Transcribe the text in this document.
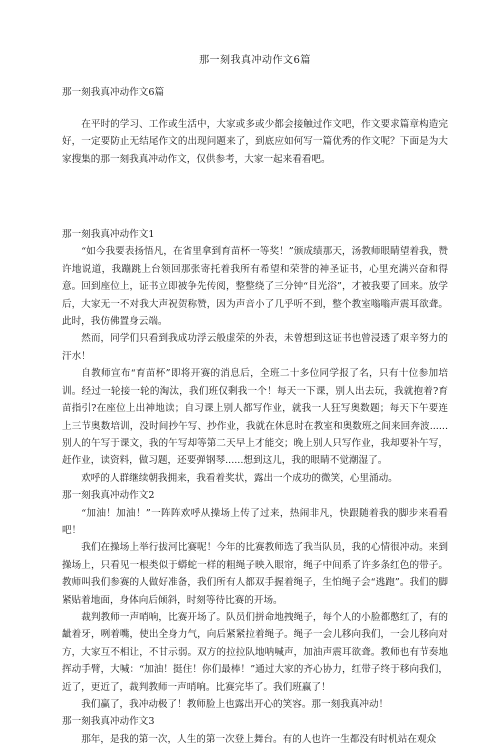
那一刻我真冲动作文6篇
那一刻我真冲动作文6篇

在平时的学习、工作或生活中，大家或多或少都会接触过作文吧，作文要求篇章构造完好，一定要防止无结尾作文的出现问题来了，到底应如何写一篇优秀的作文呢？下面是为大家搜集的那一刻我真冲动作文，仅供参考，大家一起来看看吧。

那一刻我真冲动作文1

“如今我要表扬悟凡，在省里拿到育苗杯一等奖！”颁成绩那天，汤教师眼睛望着我，赞许地说道，我蹦跳上台领回那张寄托着我所有希望和荣誉的神圣证书，心里充满兴奋和得意。回到座位上，证书立即被争先传阅，整整绕了三分钟“目光浴”，才被我要了回来。放学后，大家无一不对我大声祝贺称赞，因为声音小了几乎听不到，整个教室嗡嗡声震耳欲聋。此时，我仿佛置身云端。

然而，同学们只看到我成功浮云般虚荣的外表，未曾想到这证书也曾浸透了艰辛努力的汗水！

自教师宣布“育苗杯”即将开赛的消息后，全班二十多位同学报了名，只有十位参加培训。经过一轮接一轮的淘汰，我们班仅剩我一个！每天一下课，别人出去玩，我就抱着?育苗指引?在座位上出神地读；自习课上别人都写作业，就我一人狂写奥数题；每天下午要连上三节奥数培训，没时间抄午写、抄作业，我就在休息时在教室和奥数班之间来回奔波......别人的午写于课文，我的午写却等第二天早上才能交；晚上别人只写作业，我却要补午写，赶作业，读资料，做习题，还要弹钢琴......想到这儿，我的眼睛不觉潮湿了。

欢呼的人群继续朝我拥来，我看着奖状，露出一个成功的微笑，心里涌动。

那一刻我真冲动作文2

“加油！加油！”一阵阵欢呼从操场上传了过来，热闹非凡，快跟随着我的脚步来看看吧！

我们在操场上举行拔河比赛呢！今年的比赛教师选了我当队员，我的心情很冲动。来到操场上，只看见一根类似于蟒蛇一样的粗绳子映入眼帘，绳子中间系了许多条红色的带子。教师叫我们参赛的人做好准备，我们所有人都双手握着绳子，生怕绳子会“逃跑”。我们的脚紧贴着地面，身体向后倾斜，时刻等待比赛的开场。

裁判教师一声哨响，比赛开场了。队员们拼命地拽绳子，每个人的小脸都憋红了，有的龇着牙，咧着嘴，使出全身力气，向后紧紧拉着绳子。绳子一会儿移向我们，一会儿移向对方，大家互不相让，不甘示弱。双方的拉拉队地呐喊声，加油声震耳欲聋。教师也有节奏地挥动手臂，大喊：“加油！挺住！你们最棒！”通过大家的齐心协力，红带子终于移向我们，近了，更近了，裁判教师一声哨响。比赛完毕了。我们班赢了！

我们赢了，我冲动极了！教师脸上也露出开心的笑容。那一刻我真冲动！

那一刻我真冲动作文3

那年，是我的第一次，人生的第一次登上舞台。有的人也许一生都没有时机站在观众
